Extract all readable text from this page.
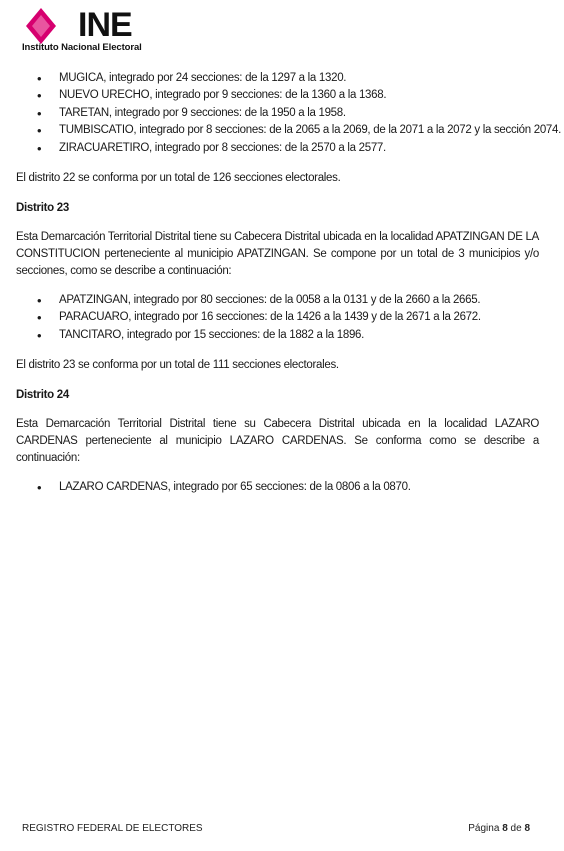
INE
Instituto Nacional Electoral
• MUGICA, integrado por 24 secciones: de la 1297 a la 1320.
• NUEVO URECHO, integrado por 9 secciones: de la 1360 a la 1368.
• TARETAN, integrado por 9 secciones: de la 1950 a la 1958.
• TUMBISCATIO, integrado por 8 secciones: de la 2065 a la 2069, de la 2071 a la 2072 y la sección 2074.
• ZIRACUARETIRO, integrado por 8 secciones: de la 2570 a la 2577.

El distrito 22 se conforma por un total de 126 secciones electorales.

Distrito 23

Esta Demarcación Territorial Distrital tiene su Cabecera Distrital ubicada en la localidad APATZINGAN DE LA CONSTITUCION perteneciente al municipio APATZINGAN. Se compone por un total de 3 municipios y/o secciones, como se describe a continuación:

• APATZINGAN, integrado por 80 secciones: de la 0058 a la 0131 y de la 2660 a la 2665.
• PARACUARO, integrado por 16 secciones: de la 1426 a la 1439 y de la 2671 a la 2672.
• TANCITARO, integrado por 15 secciones: de la 1882 a la 1896.

El distrito 23 se conforma por un total de 111 secciones electorales.

Distrito 24

Esta Demarcación Territorial Distrital tiene su Cabecera Distrital ubicada en la localidad LAZARO CARDENAS perteneciente al municipio LAZARO CARDENAS. Se conforma como se describe a continuación:

• LAZARO CARDENAS, integrado por 65 secciones: de la 0806 a la 0870.
REGISTRO FEDERAL DE ELECTORES	Página 8 de 8
